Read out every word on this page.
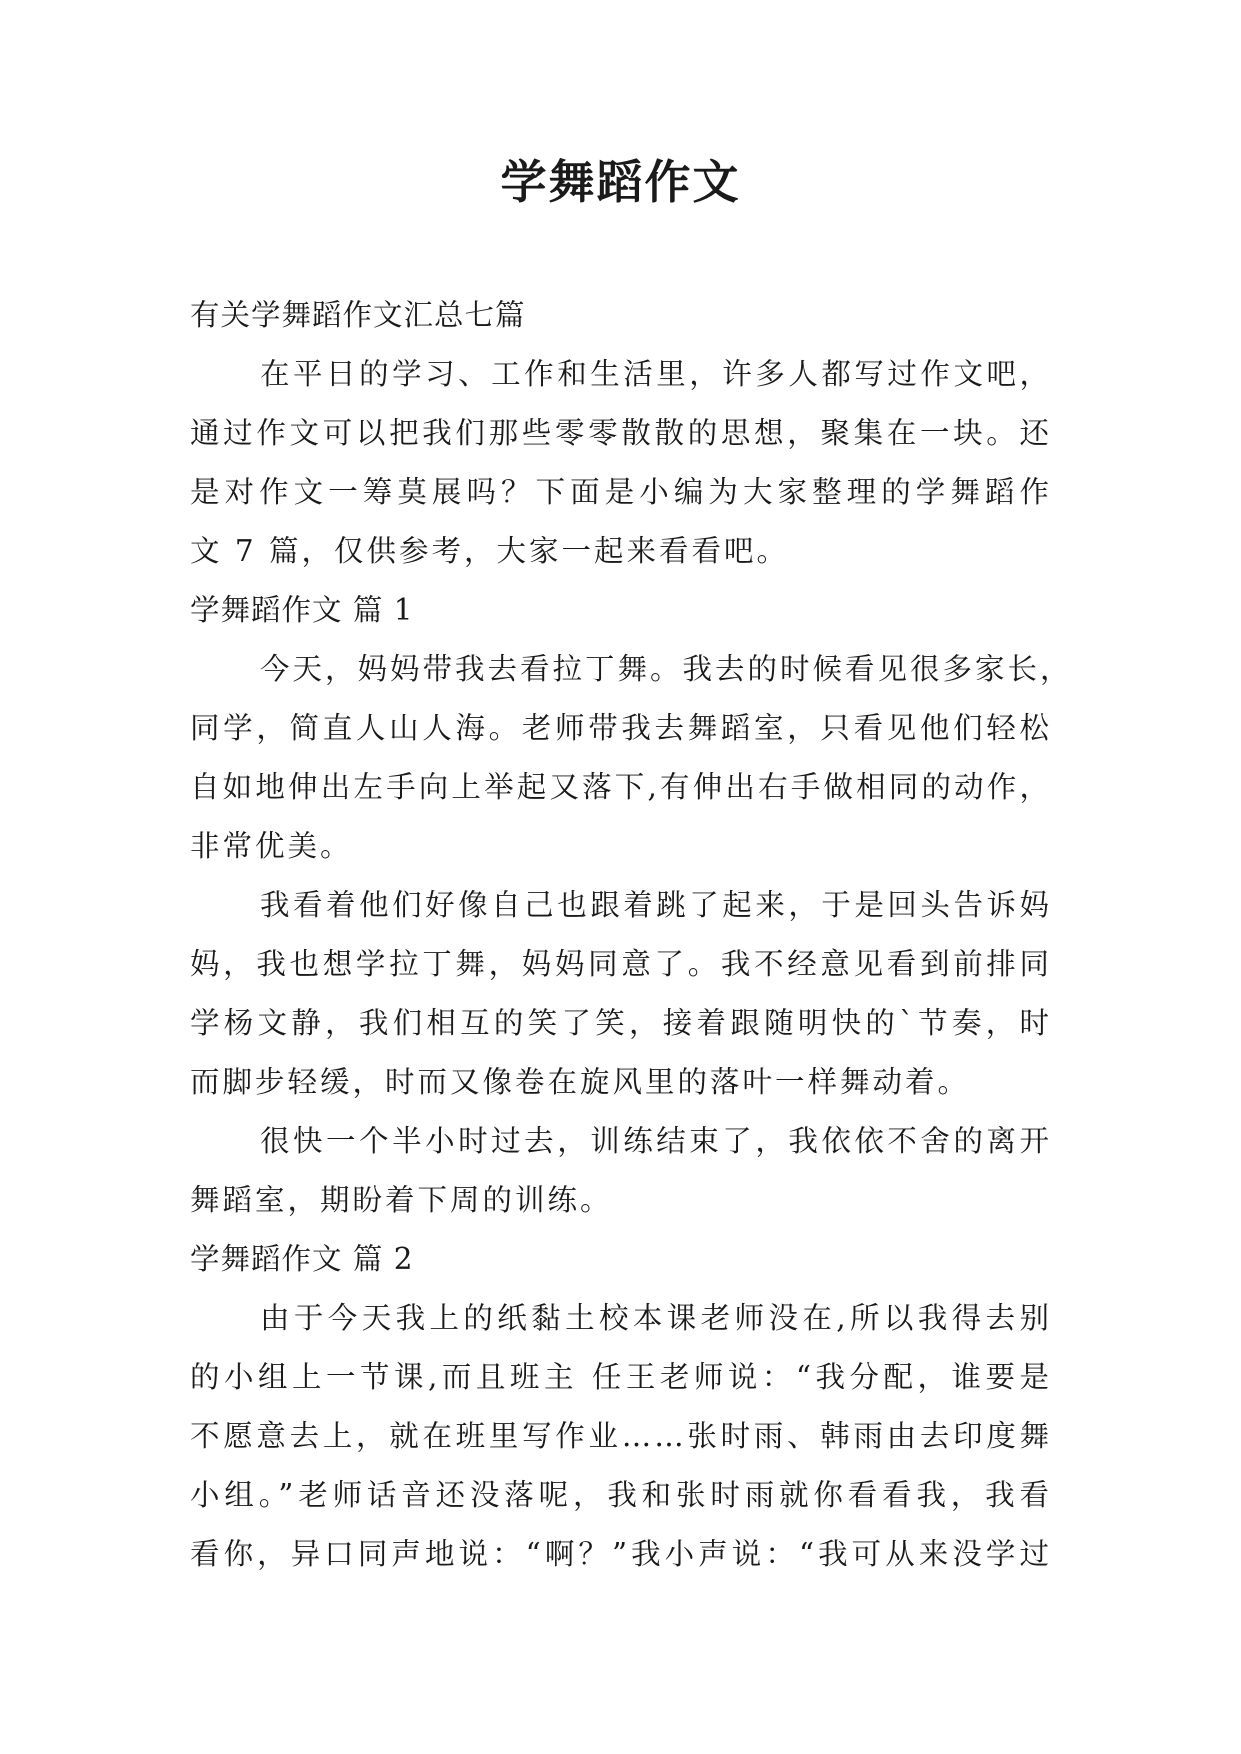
学舞蹈作文
有关学舞蹈作文汇总七篇
在平日的学习、工作和生活里，许多人都写过作文吧，
通过作文可以把我们那些零零散散的思想，聚集在一块。还
是对作文一筹莫展吗？下面是小编为大家整理的学舞蹈作
文 7 篇，仅供参考，大家一起来看看吧。
学舞蹈作文 篇 1
今天，妈妈带我去看拉丁舞。我去的时候看见很多家长，
同学，简直人山人海。老师带我去舞蹈室，只看见他们轻松
自如地伸出左手向上举起又落下,有伸出右手做相同的动作，
非常优美。
我看着他们好像自己也跟着跳了起来，于是回头告诉妈
妈，我也想学拉丁舞，妈妈同意了。我不经意见看到前排同
学杨文静，我们相互的笑了笑，接着跟随明快的`节奏，时
而脚步轻缓，时而又像卷在旋风里的落叶一样舞动着。
很快一个半小时过去，训练结束了，我依依不舍的离开
舞蹈室，期盼着下周的训练。
学舞蹈作文 篇 2
由于今天我上的纸黏土校本课老师没在,所以我得去别
的小组上一节课,而且班主 任王老师说：“我分配，谁要是
不愿意去上，就在班里写作业……张时雨、韩雨由去印度舞
小组。”老师话音还没落呢，我和张时雨就你看看我，我看
看你，异口同声地说：“啊？”我小声说：“我可从来没学过
